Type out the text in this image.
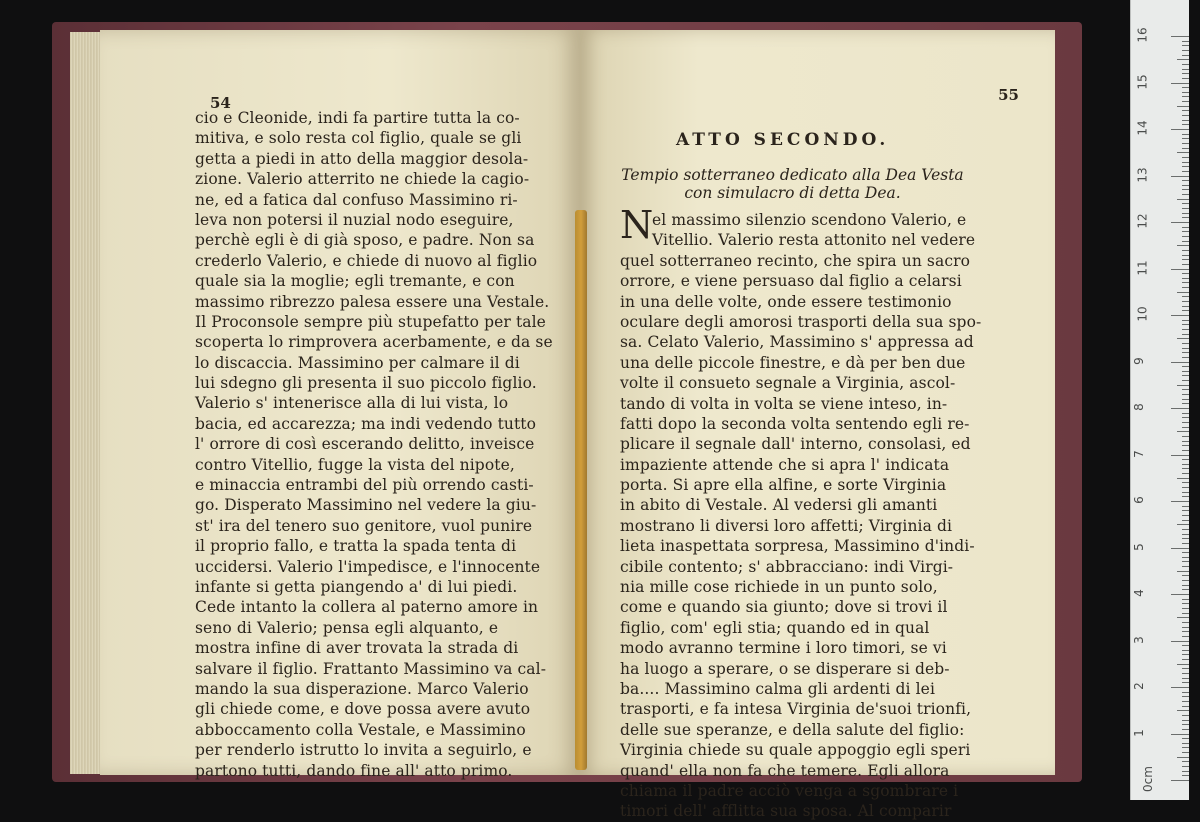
54
cio e Cleonide, indi fa partire tutta la co-
mitiva, e solo resta col figlio, quale se gli
getta a piedi in atto della maggior desola-
zione. Valerio atterrito ne chiede la cagio-
ne, ed a fatica dal confuso Massimino ri-
leva non potersi il nuzial nodo eseguire,
perchè egli è di già sposo, e padre. Non sa
crederlo Valerio, e chiede di nuovo al figlio
quale sia la moglie; egli tremante, e con
massimo ribrezzo palesa essere una Vestale.
Il Proconsole sempre più stupefatto per tale
scoperta lo rimprovera acerbamente, e da se
lo discaccia. Massimino per calmare il di
lui sdegno gli presenta il suo piccolo figlio.
Valerio s' intenerisce alla di lui vista, lo
bacia, ed accarezza; ma indi vedendo tutto
l' orrore di così escerando delitto, inveisce
contro Vitellio, fugge la vista del nipote,
e minaccia entrambi del più orrendo casti-
go. Disperato Massimino nel vedere la giu-
st' ira del tenero suo genitore, vuol punire
il proprio fallo, e tratta la spada tenta di
uccidersi. Valerio l'impedisce, e l'innocente
infante si getta piangendo a' di lui piedi.
Cede intanto la collera al paterno amore in
seno di Valerio; pensa egli alquanto, e
mostra infine di aver trovata la strada di
salvare il figlio. Frattanto Massimino va cal-
mando la sua disperazione. Marco Valerio
gli chiede come, e dove possa avere avuto
abboccamento colla Vestale, e Massimino
per renderlo istrutto lo invita a seguirlo, e
partono tutti, dando fine all' atto primo.
55
ATTO SECONDO.
Tempio sotterraneo dedicato alla Dea Vesta
con simulacro di detta Dea.
N
el massimo silenzio scendono Valerio, e
Vitellio. Valerio resta attonito nel vedere
quel sotterraneo recinto, che spira un sacro
orrore, e viene persuaso dal figlio a celarsi
in una delle volte, onde essere testimonio
oculare degli amorosi trasporti della sua spo-
sa. Celato Valerio, Massimino s' appressa ad
una delle piccole finestre, e dà per ben due
volte il consueto segnale a Virginia, ascol-
tando di volta in volta se viene inteso, in-
fatti dopo la seconda volta sentendo egli re-
plicare il segnale dall' interno, consolasi, ed
impaziente attende che si apra l' indicata
porta. Si apre ella alfine, e sorte Virginia
in abito di Vestale. Al vedersi gli amanti
mostrano li diversi loro affetti; Virginia di
lieta inaspettata sorpresa, Massimino d'indi-
cibile contento; s' abbracciano: indi Virgi-
nia mille cose richiede in un punto solo,
come e quando sia giunto; dove si trovi il
figlio, com' egli stia; quando ed in qual
modo avranno termine i loro timori, se vi
ha luogo a sperare, o se disperare si deb-
ba.... Massimino calma gli ardenti di lei
trasporti, e fa intesa Virginia de'suoi trionfi,
delle sue speranze, e della salute del figlio:
Virginia chiede su quale appoggio egli speri
quand' ella non fa che temere. Egli allora
chiama il padre acciò venga a sgombrare i
timori dell' afflitta sua sposa. Al comparir
0cm
1
2
3
4
5
6
7
8
9
10
11
12
13
14
15
16
